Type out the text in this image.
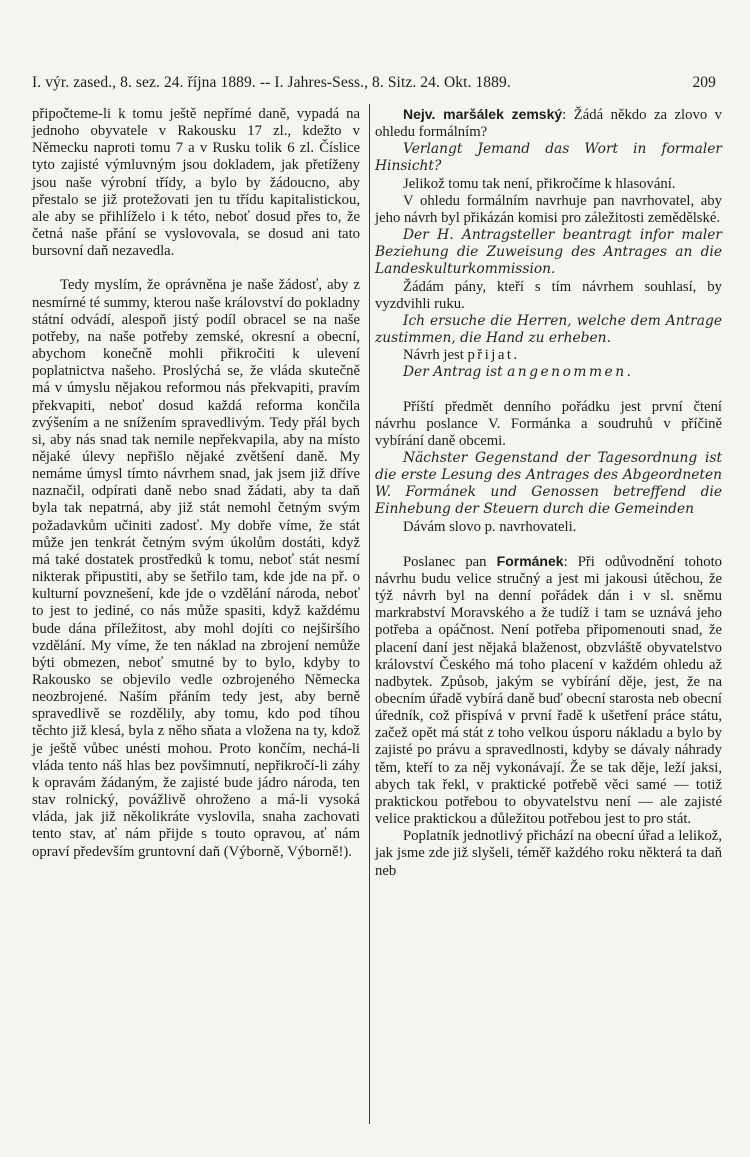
I. výr. zased., 8. sez. 24. října 1889. -- I. Jahres-Sess., 8. Sitz. 24. Okt. 1889.	209

připočteme-li k tomu ještě nepřímé daně, vypadá na jednoho obyvatele v Rakousku 17 zl., kdežto v Německu naproti tomu 7 a v Rusku tolik 6 zl. Číslice tyto zajisté výmluvným jsou dokladem, jak přetíženy jsou naše výrobní třídy, a bylo by žádoucno, aby přestalo se již protežovati jen tu třídu kapitalistickou, ale aby se přihlíželo i k této, neboť dosud přes to, že četná naše přání se vyslovovala, se dosud ani tato bursovní daň nezavedla.

Tedy myslím, že oprávněna je naše žádosť, aby z nesmírné té summy, kterou naše království do pokladny státní odvádí, alespoň jistý podíl obracel se na naše potřeby, na naše potřeby zemské, okresní a obecní, abychom konečně mohli přikročiti k ulevení poplatnictva našeho. Proslýchá se, že vláda skutečně má v úmyslu nějakou reformou nás překvapiti, pravím překvapiti, neboť dosud každá reforma končila zvýšením a ne snížením spravedlivým. Tedy přál bych si, aby nás snad tak nemile nepřekvapila, aby na místo nějaké úlevy nepřišlo nějaké zvětšení daně. My nemáme úmysl tímto návrhem snad, jak jsem již dříve naznačil, odpírati daně nebo snad žádati, aby ta daň byla tak nepatrná, aby již stát nemohl četným svým požadavkům učiniti zadosť. My dobře víme, že stát může jen tenkrát četným svým úkolům dostáti, když má také dostatek prostředků k tomu, neboť stát nesmí nikterak připustiti, aby se šetřilo tam, kde jde na př. o kulturní povznešení, kde jde o vzdělání národa, neboť to jest to jediné, co nás může spasiti, když každému bude dána příležitost, aby mohl dojíti co nejširšího vzdělání. My víme, že ten náklad na zbrojení nemůže býti obmezen, neboť smutné by to bylo, kdyby to Rakousko se objevilo vedle ozbrojeného Německa neozbrojené. Naším přáním tedy jest, aby berně spravedlivě se rozdělily, aby tomu, kdo pod tíhou těchto již klesá, byla z něho sňata a vložena na ty, kdož je ještě vůbec unésti mohou. Proto končím, nechá-li vláda tento náš hlas bez povšimnutí, nepřikročí-li záhy k opravám žádaným, že zajisté bude jádro národa, ten stav rolnický, povážlivě ohroženo a má-li vysoká vláda, jak již několikráte vyslovila, snaha zachovati tento stav, ať nám přijde s touto opravou, ať nám opraví především gruntovní daň (Výborně, Výborně!).

Nejv. maršálek zemský: Žádá někdo za zlovo v ohledu formálním?

Verlangt Jemand das Wort in formaler Hinsicht?

Jelikož tomu tak není, přikročíme k hlasování.

V ohledu formálním navrhuje pan navrhovatel, aby jeho návrh byl přikázán komisi pro záležitosti zemědělské.

Der H. Antragsteller beantragt infor maler Beziehung die Zuweisung des Antrages an die Landeskulturkommission.

Žádám pány, kteří s tím návrhem souhlasí, by vyzdvihli ruku.

Ich ersuche die Herren, welche dem Antrage zustimmen, die Hand zu erheben.

Návrh jest přijat.

Der Antrag ist angenommen.

Příští předmět denního pořádku jest první čtení návrhu poslance V. Formánka a soudruhů v příčině vybírání daně obcemi.

Nächster Gegenstand der Tagesordnung ist die erste Lesung des Antrages des Abgeordneten W. Formánek und Genossen betreffend die Einhebung der Steuern durch die Gemeinden

Dávám slovo p. navrhovateli.

Poslanec pan Formánek: Při odůvodnění tohoto návrhu budu velice stručný a jest mi jakousi útěchou, že týž návrh byl na denní pořádek dán i v sl. sněmu markrabství Moravského a že tudíž i tam se uznává jeho potřeba a opáčnost. Není potřeba připomenouti snad, že placení daní jest nějaká blaženost, obzvláště obyvatelstvo království Českého má toho placení v každém ohledu až nadbytek. Způsob, jakým se vybírání děje, jest, že na obecním úřadě vybírá daně buď obecní starosta neb obecní úředník, což přispívá v první řadě k ušetření práce státu, začež opět má stát z toho velkou úsporu nákladu a bylo by zajisté po právu a spravedlnosti, kdyby se dávaly náhrady těm, kteří to za něj vykonávají. Že se tak děje, leží jaksi, abych tak řekl, v praktické potřebě věci samé — totiž praktickou potřebou to obyvatelstvu není — ale zajisté velice praktickou a důležitou potřebou jest to pro stát.

Poplatník jednotlivý přichází na obecní úřad a lelikož, jak jsme zde již slyšeli, téměř každého roku některá ta daň neb
